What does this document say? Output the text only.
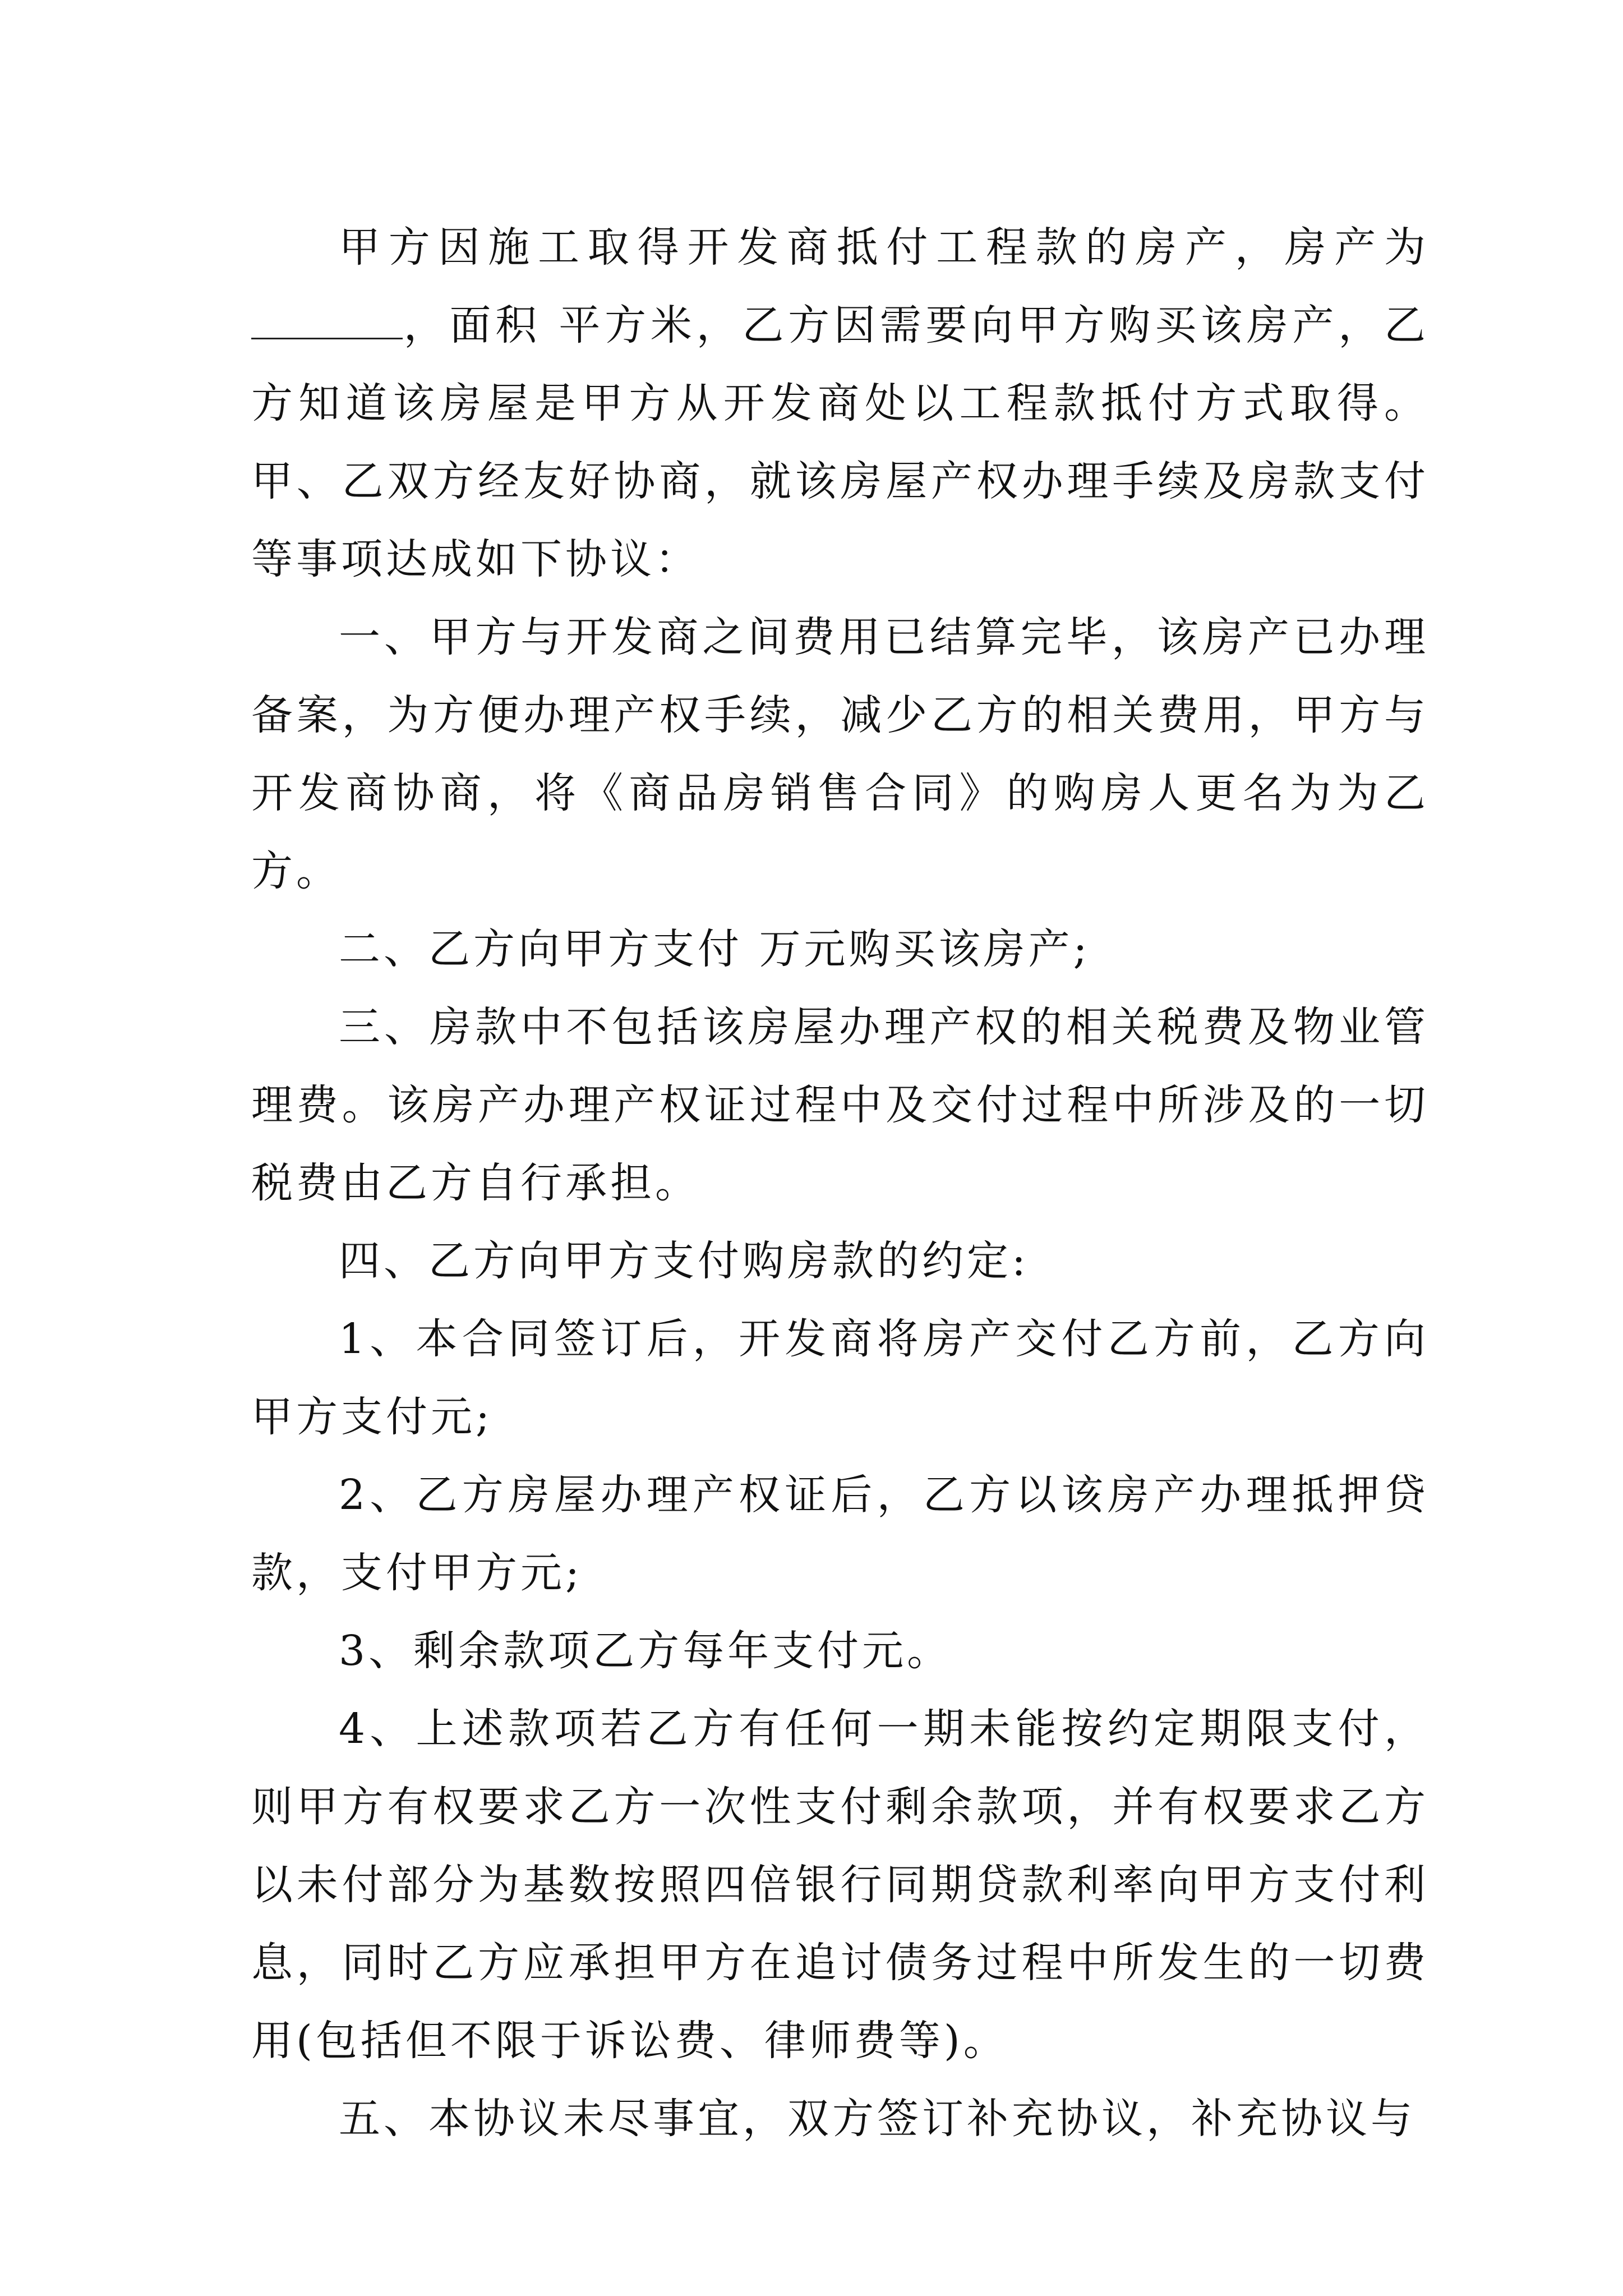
甲方因施工取得开发商抵付工程款的房产，房产为，面积 平方米，乙方因需要向甲方购买该房产，乙方知道该房屋是甲方从开发商处以工程款抵付方式取得。甲、乙双方经友好协商，就该房屋产权办理手续及房款支付等事项达成如下协议：

一、甲方与开发商之间费用已结算完毕，该房产已办理备案，为方便办理产权手续，减少乙方的相关费用，甲方与开发商协商，将《商品房销售合同》的购房人更名为为乙方。

二、乙方向甲方支付 万元购买该房产;

三、房款中不包括该房屋办理产权的相关税费及物业管理费。该房产办理产权证过程中及交付过程中所涉及的一切税费由乙方自行承担。

四、乙方向甲方支付购房款的约定:

1、本合同签订后，开发商将房产交付乙方前，乙方向甲方支付元;

2、乙方房屋办理产权证后，乙方以该房产办理抵押贷款，支付甲方元;

3、剩余款项乙方每年支付元。

4、上述款项若乙方有任何一期未能按约定期限支付，则甲方有权要求乙方一次性支付剩余款项，并有权要求乙方以未付部分为基数按照四倍银行同期贷款利率向甲方支付利息，同时乙方应承担甲方在追讨债务过程中所发生的一切费用(包括但不限于诉讼费、律师费等)。

五、本协议未尽事宜，双方签订补充协议，补充协议与
